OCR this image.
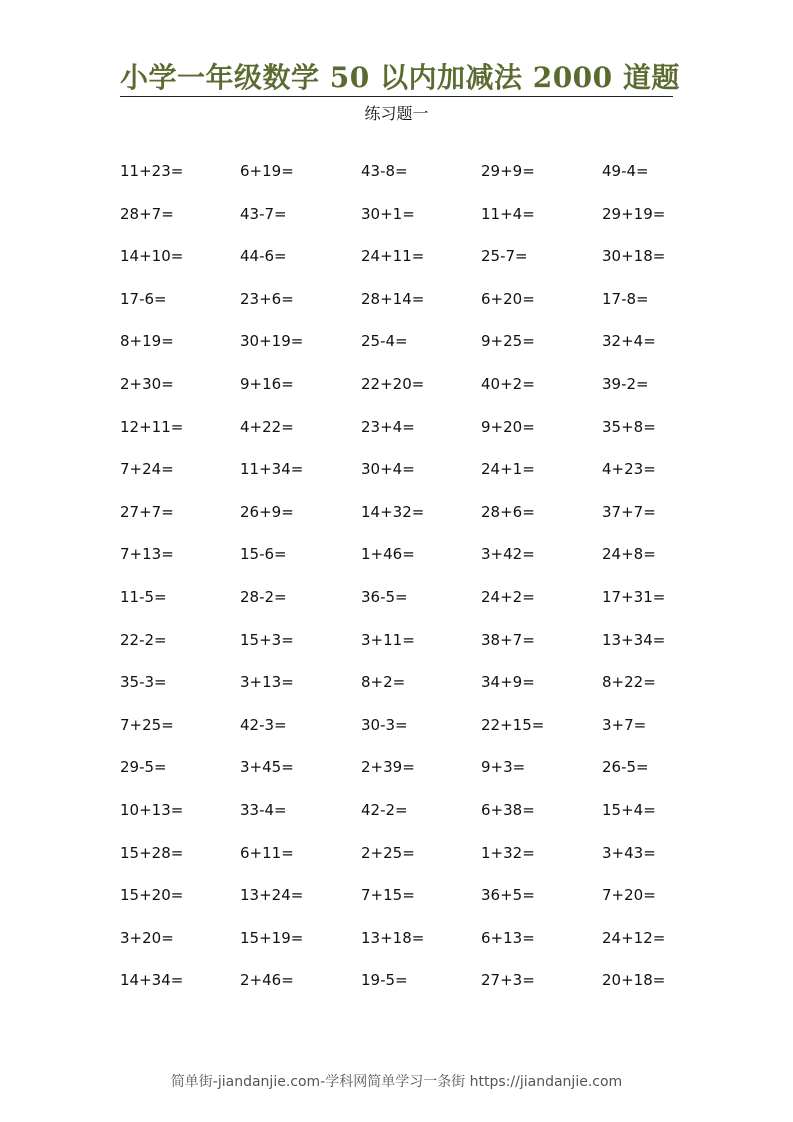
小学一年级数学 50 以内加减法 2000 道题
练习题一
11+23=	6+19=	43-8=	29+9=	49-4=
28+7=	43-7=	30+1=	11+4=	29+19=
14+10=	44-6=	24+11=	25-7=	30+18=
17-6=	23+6=	28+14=	6+20=	17-8=
8+19=	30+19=	25-4=	9+25=	32+4=
2+30=	9+16=	22+20=	40+2=	39-2=
12+11=	4+22=	23+4=	9+20=	35+8=
7+24=	11+34=	30+4=	24+1=	4+23=
27+7=	26+9=	14+32=	28+6=	37+7=
7+13=	15-6=	1+46=	3+42=	24+8=
11-5=	28-2=	36-5=	24+2=	17+31=
22-2=	15+3=	3+11=	38+7=	13+34=
35-3=	3+13=	8+2=	34+9=	8+22=
7+25=	42-3=	30-3=	22+15=	3+7=
29-5=	3+45=	2+39=	9+3=	26-5=
10+13=	33-4=	42-2=	6+38=	15+4=
15+28=	6+11=	2+25=	1+32=	3+43=
15+20=	13+24=	7+15=	36+5=	7+20=
3+20=	15+19=	13+18=	6+13=	24+12=
14+34=	2+46=	19-5=	27+3=	20+18=
简单街-jiandanjie.com-学科网简单学习一条街 https://jiandanjie.com
